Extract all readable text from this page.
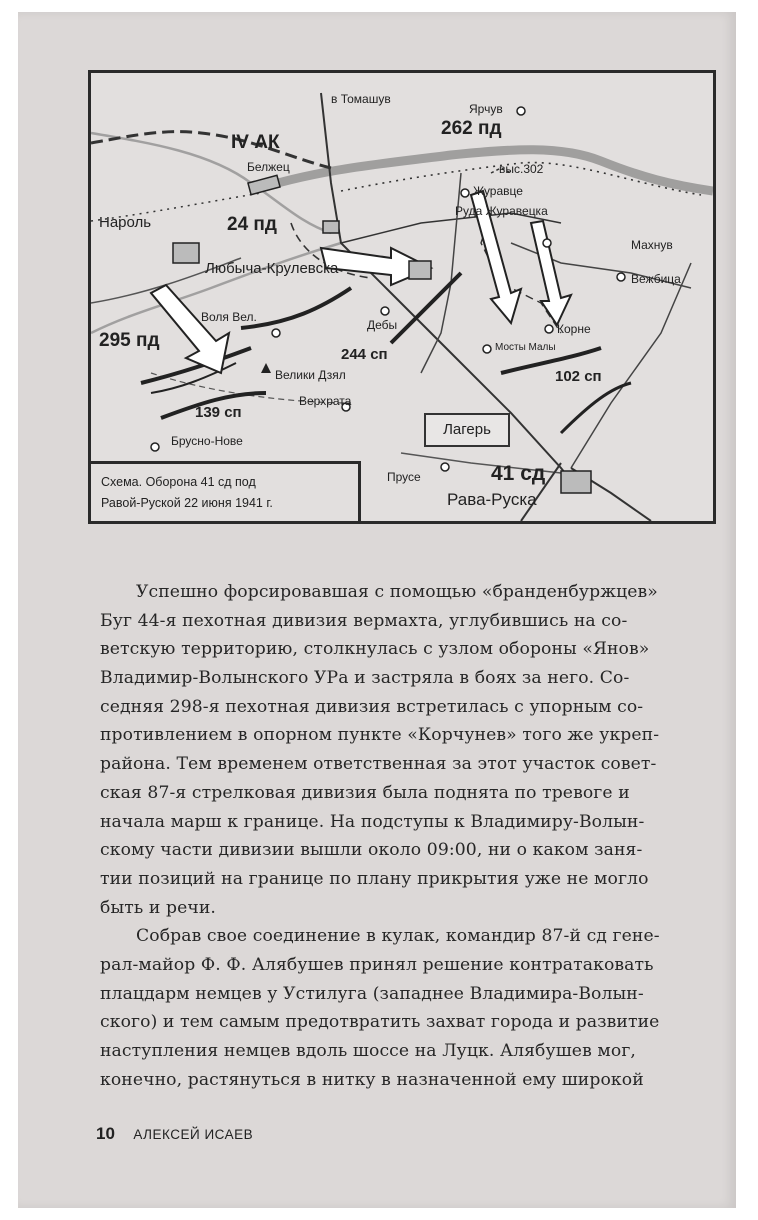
в Томашув
Ярчув
262 пд
IV АК
Белжец	выс.302
Журавце
Нароль
Руда Журавецка
24 пд
Махнув
Любыча-Крулевска
Вежбица
Воля Вел.
Дебы	Корне
Мосты Малы
295 пд
244 сп
Велики Дзял	102 сп
Верхрата
139 сп
Брусно-Нове
Прусе	41 сд
Рава-Руска
Лагерь
Схема. Оборона 41 сд под
Равой-Руской 22 июня 1941 г.
Успешно форсировавшая с помощью «бранденбуржцев»
Буг 44-я пехотная дивизия вермахта, углубившись на со-
ветскую территорию, столкнулась с узлом обороны «Янов»
Владимир-Волынского УРа и застряла в боях за него. Со-
седняя 298-я пехотная дивизия встретилась с упорным со-
противлением в опорном пункте «Корчунев» того же укреп-
района. Тем временем ответственная за этот участок совет-
ская 87-я стрелковая дивизия была поднята по тревоге и
начала марш к границе. На подступы к Владимиру-Волын-
скому части дивизии вышли около 09:00, ни о каком заня-
тии позиций на границе по плану прикрытия уже не могло
быть и речи.
Собрав свое соединение в кулак, командир 87-й сд гене-
рал-майор Ф. Ф. Алябушев принял решение контратаковать
плацдарм немцев у Устилуга (западнее Владимира-Волын-
ского) и тем самым предотвратить захват города и развитие
наступления немцев вдоль шоссе на Луцк. Алябушев мог,
конечно, растянуться в нитку в назначенной ему широкой
10 АЛЕКСЕЙ ИСАЕВ
